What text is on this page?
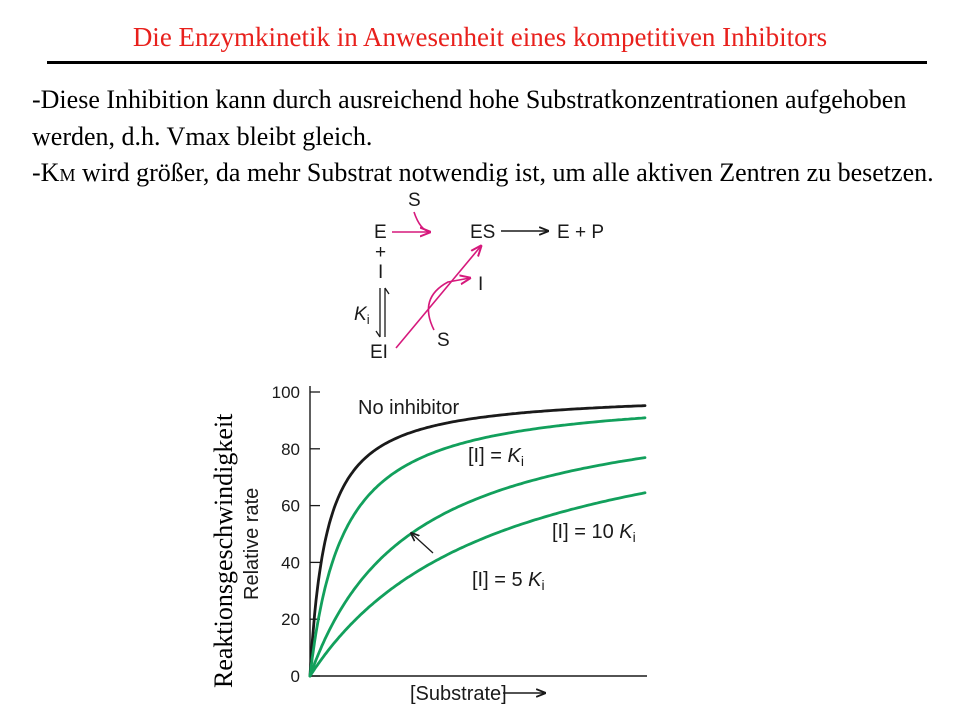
Die Enzymkinetik in Anwesenheit eines kompetitiven Inhibitors

-Diese Inhibition kann durch ausreichend hohe Substratkonzentrationen aufgehoben werden, d.h. Vmax bleibt gleich.

-KM wird größer, da mehr Substrat notwendig ist, um alle aktiven Zentren zu besetzen.

S
E
+
I
ES	E + P
I
$K_i$
EI
S
0
20
40
60
80
100
No inhibitor
$[I] = K_i$
[I] = 5 $K_i$
[I] = 10 $K_i$
[Substrate]
Relative rate
Reaktionsgeschwindigkeit
